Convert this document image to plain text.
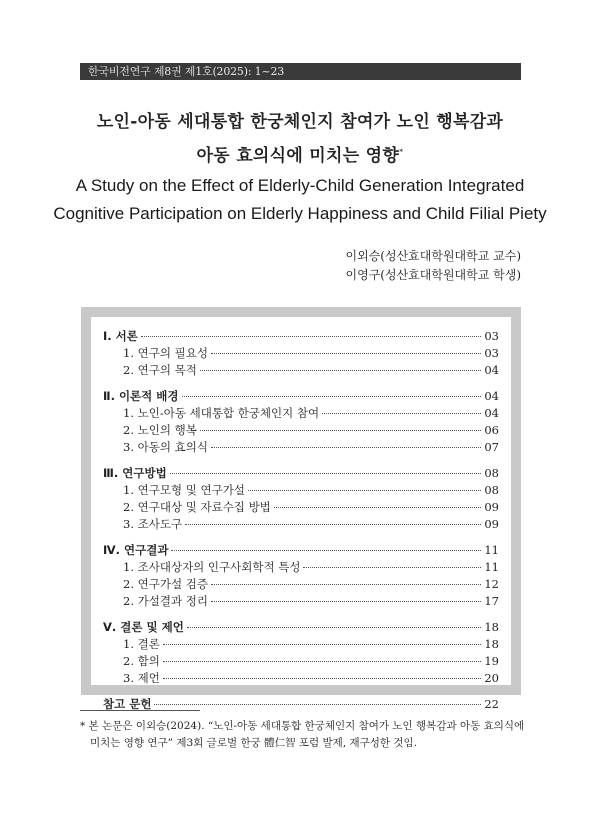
한국비전연구 제8권 제1호(2025): 1~23
노인-아동 세대통합 한궁체인지 참여가 노인 행복감과
아동 효의식에 미치는 영향*
A Study on the Effect of Elderly-Child Generation Integrated
Cognitive Participation on Elderly Happiness and Child Filial Piety
이외승(성산효대학원대학교 교수)
이영구(성산효대학원대학교 학생)
Ⅰ. 서론	03
1. 연구의 필요성	03
2. 연구의 목적	04
Ⅱ. 이론적 배경	04
1. 노인-아동 세대통합 한궁체인지 참여	04
2. 노인의 행복	06
3. 아동의 효의식	07
Ⅲ. 연구방법	08
1. 연구모형 및 연구가설	08
2. 연구대상 및 자료수집 방법	09
3. 조사도구	09
Ⅳ. 연구결과	11
1. 조사대상자의 인구사회학적 특성	11
2. 연구가설 검증	12
2. 가설결과 정리	17
Ⅴ. 결론 및 제언	18
1. 결론	18
2. 함의	19
3. 제언	20
참고 문헌	22
* 본 논문은 이외승(2024). “노인-아동 세대통합 한궁체인지 참여가 노인 행복감과 아동 효의식에
미치는 영향 연구” 제3회 글로벌 한궁 體仁智 포럼 발제, 재구성한 것임.
